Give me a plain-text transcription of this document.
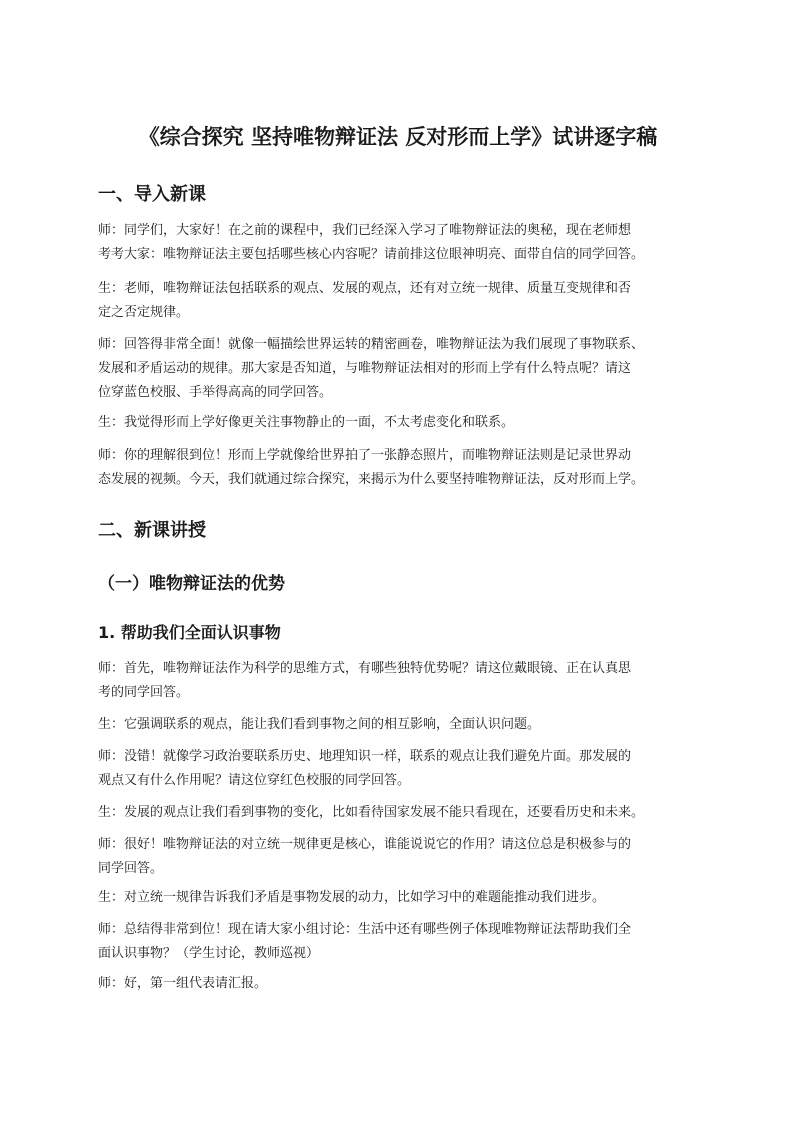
《综合探究 坚持唯物辩证法 反对形而上学》试讲逐字稿
一、导入新课

师：同学们，大家好！在之前的课程中，我们已经深入学习了唯物辩证法的奥秘，现在老师想
考考大家：唯物辩证法主要包括哪些核心内容呢？请前排这位眼神明亮、面带自信的同学回答。

生：老师，唯物辩证法包括联系的观点、发展的观点，还有对立统一规律、质量互变规律和否
定之否定规律。

师：回答得非常全面！就像一幅描绘世界运转的精密画卷，唯物辩证法为我们展现了事物联系、
发展和矛盾运动的规律。那大家是否知道，与唯物辩证法相对的形而上学有什么特点呢？请这
位穿蓝色校服、手举得高高的同学回答。

生：我觉得形而上学好像更关注事物静止的一面，不太考虑变化和联系。

师：你的理解很到位！形而上学就像给世界拍了一张静态照片，而唯物辩证法则是记录世界动
态发展的视频。今天，我们就通过综合探究，来揭示为什么要坚持唯物辩证法，反对形而上学。

二、新课讲授
（一）唯物辩证法的优势
1. 帮助我们全面认识事物

师：首先，唯物辩证法作为科学的思维方式，有哪些独特优势呢？请这位戴眼镜、正在认真思
考的同学回答。

生：它强调联系的观点，能让我们看到事物之间的相互影响，全面认识问题。

师：没错！就像学习政治要联系历史、地理知识一样，联系的观点让我们避免片面。那发展的
观点又有什么作用呢？请这位穿红色校服的同学回答。

生：发展的观点让我们看到事物的变化，比如看待国家发展不能只看现在，还要看历史和未来。

师：很好！唯物辩证法的对立统一规律更是核心，谁能说说它的作用？请这位总是积极参与的
同学回答。

生：对立统一规律告诉我们矛盾是事物发展的动力，比如学习中的难题能推动我们进步。

师：总结得非常到位！现在请大家小组讨论：生活中还有哪些例子体现唯物辩证法帮助我们全
面认识事物？（学生讨论，教师巡视）

师：好，第一组代表请汇报。
